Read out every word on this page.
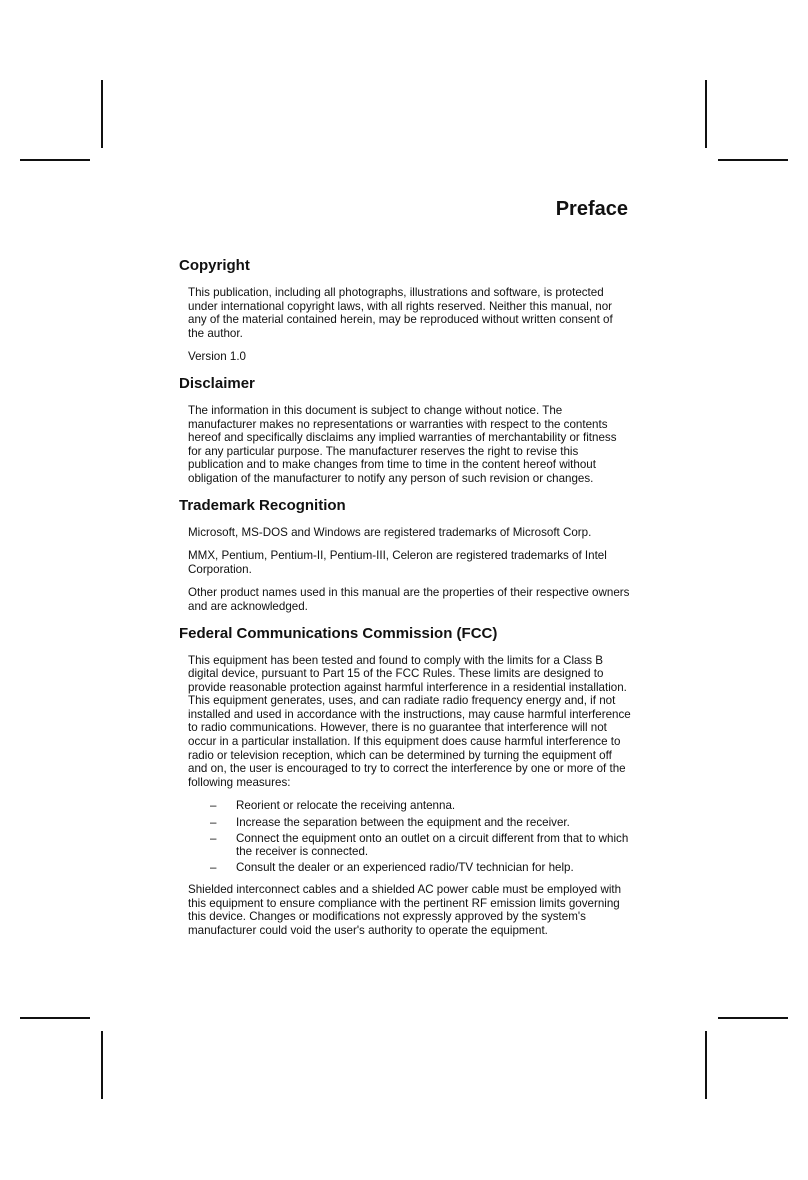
Preface
Copyright

This publication, including all photographs, illustrations and software, is protected under international copyright laws, with all rights reserved. Neither this manual, nor any of the material contained herein, may be reproduced without written consent of the author.

Version 1.0

Disclaimer

The information in this document is subject to change without notice. The manufacturer makes no representations or warranties with respect to the contents hereof and specifically disclaims any implied warranties of merchantability or fitness for any particular purpose. The manufacturer reserves the right to revise this publication and to make changes from time to time in the content hereof without obligation of the manufacturer to notify any person of such revision or changes.

Trademark Recognition

Microsoft, MS-DOS and Windows are registered trademarks of Microsoft Corp.

MMX, Pentium, Pentium-II, Pentium-III, Celeron are registered trademarks of Intel Corporation.

Other product names used in this manual are the properties of their respective owners and are acknowledged.

Federal Communications Commission (FCC)

This equipment has been tested and found to comply with the limits for a Class B digital device, pursuant to Part 15 of the FCC Rules. These limits are designed to provide reasonable protection against harmful interference in a residential installation. This equipment generates, uses, and can radiate radio frequency energy and, if not installed and used in accordance with the instructions, may cause harmful interference to radio communications. However, there is no guarantee that interference will not occur in a particular installation. If this equipment does cause harmful interference to radio or television reception, which can be determined by turning the equipment off and on, the user is encouraged to try to correct the interference by one or more of the following measures:

– Reorient or relocate the receiving antenna.
– Increase the separation between the equipment and the receiver.
– Connect the equipment onto an outlet on a circuit different from that to which the receiver is connected.
– Consult the dealer or an experienced radio/TV technician for help.

Shielded interconnect cables and a shielded AC power cable must be employed with this equipment to ensure compliance with the pertinent RF emission limits governing this device. Changes or modifications not expressly approved by the system's manufacturer could void the user's authority to operate the equipment.
